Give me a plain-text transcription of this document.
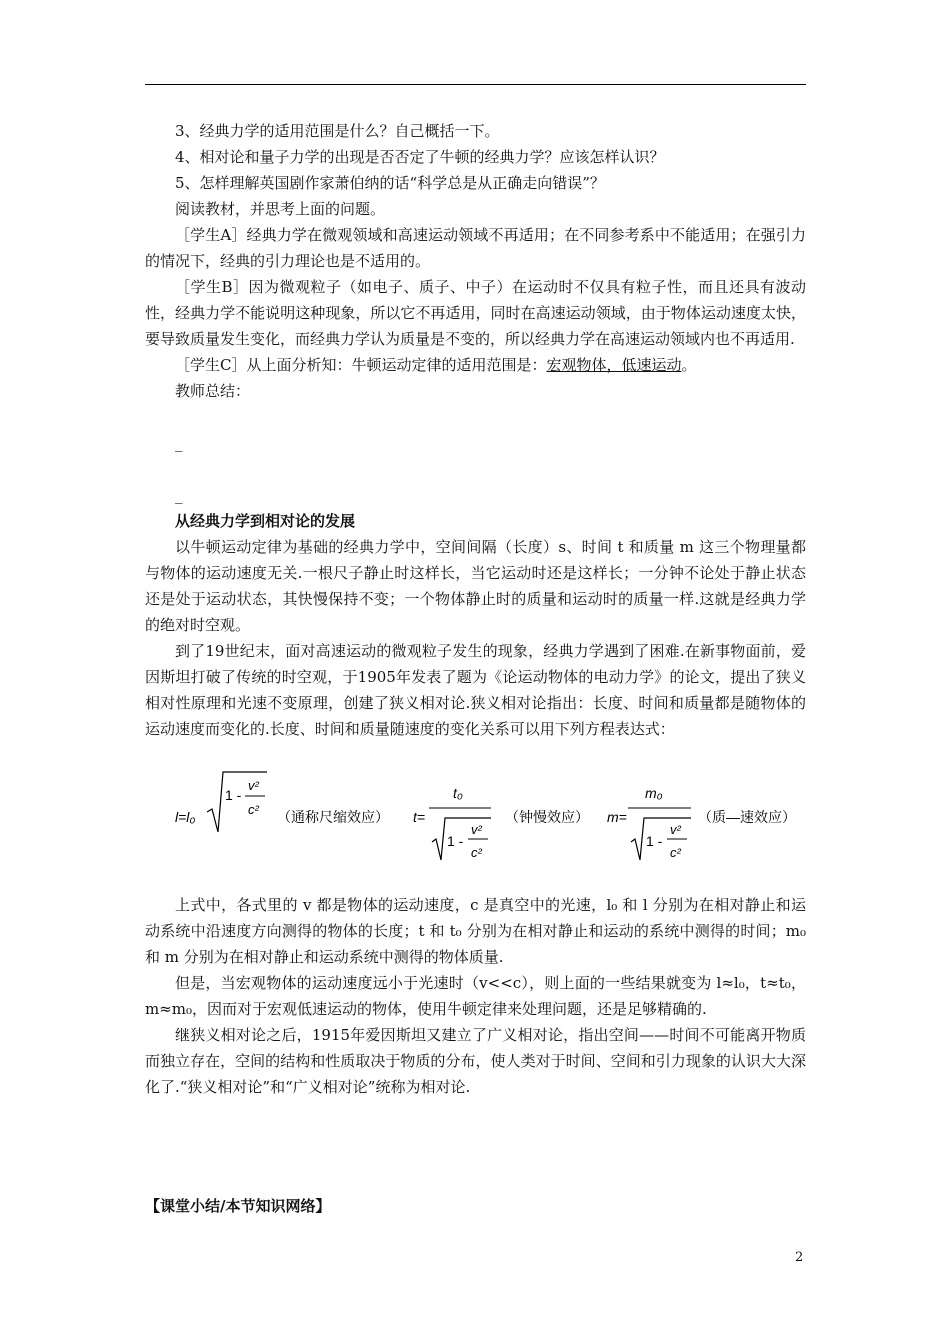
3、经典力学的适用范围是什么？自己概括一下。

4、相对论和量子力学的出现是否否定了牛顿的经典力学？应该怎样认识？

5、怎样理解英国剧作家萧伯纳的话“科学总是从正确走向错误”？

阅读教材，并思考上面的问题。

［学生A］经典力学在微观领域和高速运动领域不再适用；在不同参考系中不能适用；在强引力的情况下，经典的引力理论也是不适用的。

［学生B］因为微观粒子（如电子、质子、中子）在运动时不仅具有粒子性，而且还具有波动性，经典力学不能说明这种现象，所以它不再适用，同时在高速运动领域，由于物体运动速度太快，要导致质量发生变化，而经典力学认为质量是不变的，所以经典力学在高速运动领域内也不再适用.

［学生C］从上面分析知：牛顿运动定律的适用范围是：宏观物体，低速运动。

教师总结：

_

_

从经典力学到相对论的发展

以牛顿运动定律为基础的经典力学中，空间间隔（长度）s、时间 t 和质量 m 这三个物理量都与物体的运动速度无关.一根尺子静止时这样长，当它运动时还是这样长；一分钟不论处于静止状态还是处于运动状态，其快慢保持不变；一个物体静止时的质量和运动时的质量一样.这就是经典力学的绝对时空观。

到了19世纪末，面对高速运动的微观粒子发生的现象，经典力学遇到了困难.在新事物面前，爱因斯坦打破了传统的时空观，于1905年发表了题为《论运动物体的电动力学》的论文，提出了狭义相对性原理和光速不变原理，创建了狭义相对论.狭义相对论指出：长度、时间和质量都是随物体的运动速度而变化的.长度、时间和质量随速度的变化关系可以用下列方程表达式：

l=l₀
1 -
v²
c² （通称尺缩效应） t=
t₀
1 -
v²
c²
（钟慢效应） m=
m₀
1 -
v²
c²
（质—速效应）

上式中，各式里的 v 都是物体的运动速度，c 是真空中的光速，l₀ 和 l 分别为在相对静止和运动系统中沿速度方向测得的物体的长度；t 和 t₀ 分别为在相对静止和运动的系统中测得的时间；m₀ 和 m 分别为在相对静止和运动系统中测得的物体质量.

但是，当宏观物体的运动速度远小于光速时（v<<c），则上面的一些结果就变为 l≈l₀，t≈t₀，m≈m₀，因而对于宏观低速运动的物体，使用牛顿定律来处理问题，还是足够精确的.

继狭义相对论之后，1915年爱因斯坦又建立了广义相对论，指出空间——时间不可能离开物质而独立存在，空间的结构和性质取决于物质的分布，使人类对于时间、空间和引力现象的认识大大深化了.“狭义相对论”和“广义相对论”统称为相对论.

【课堂小结/本节知识网络】
2
